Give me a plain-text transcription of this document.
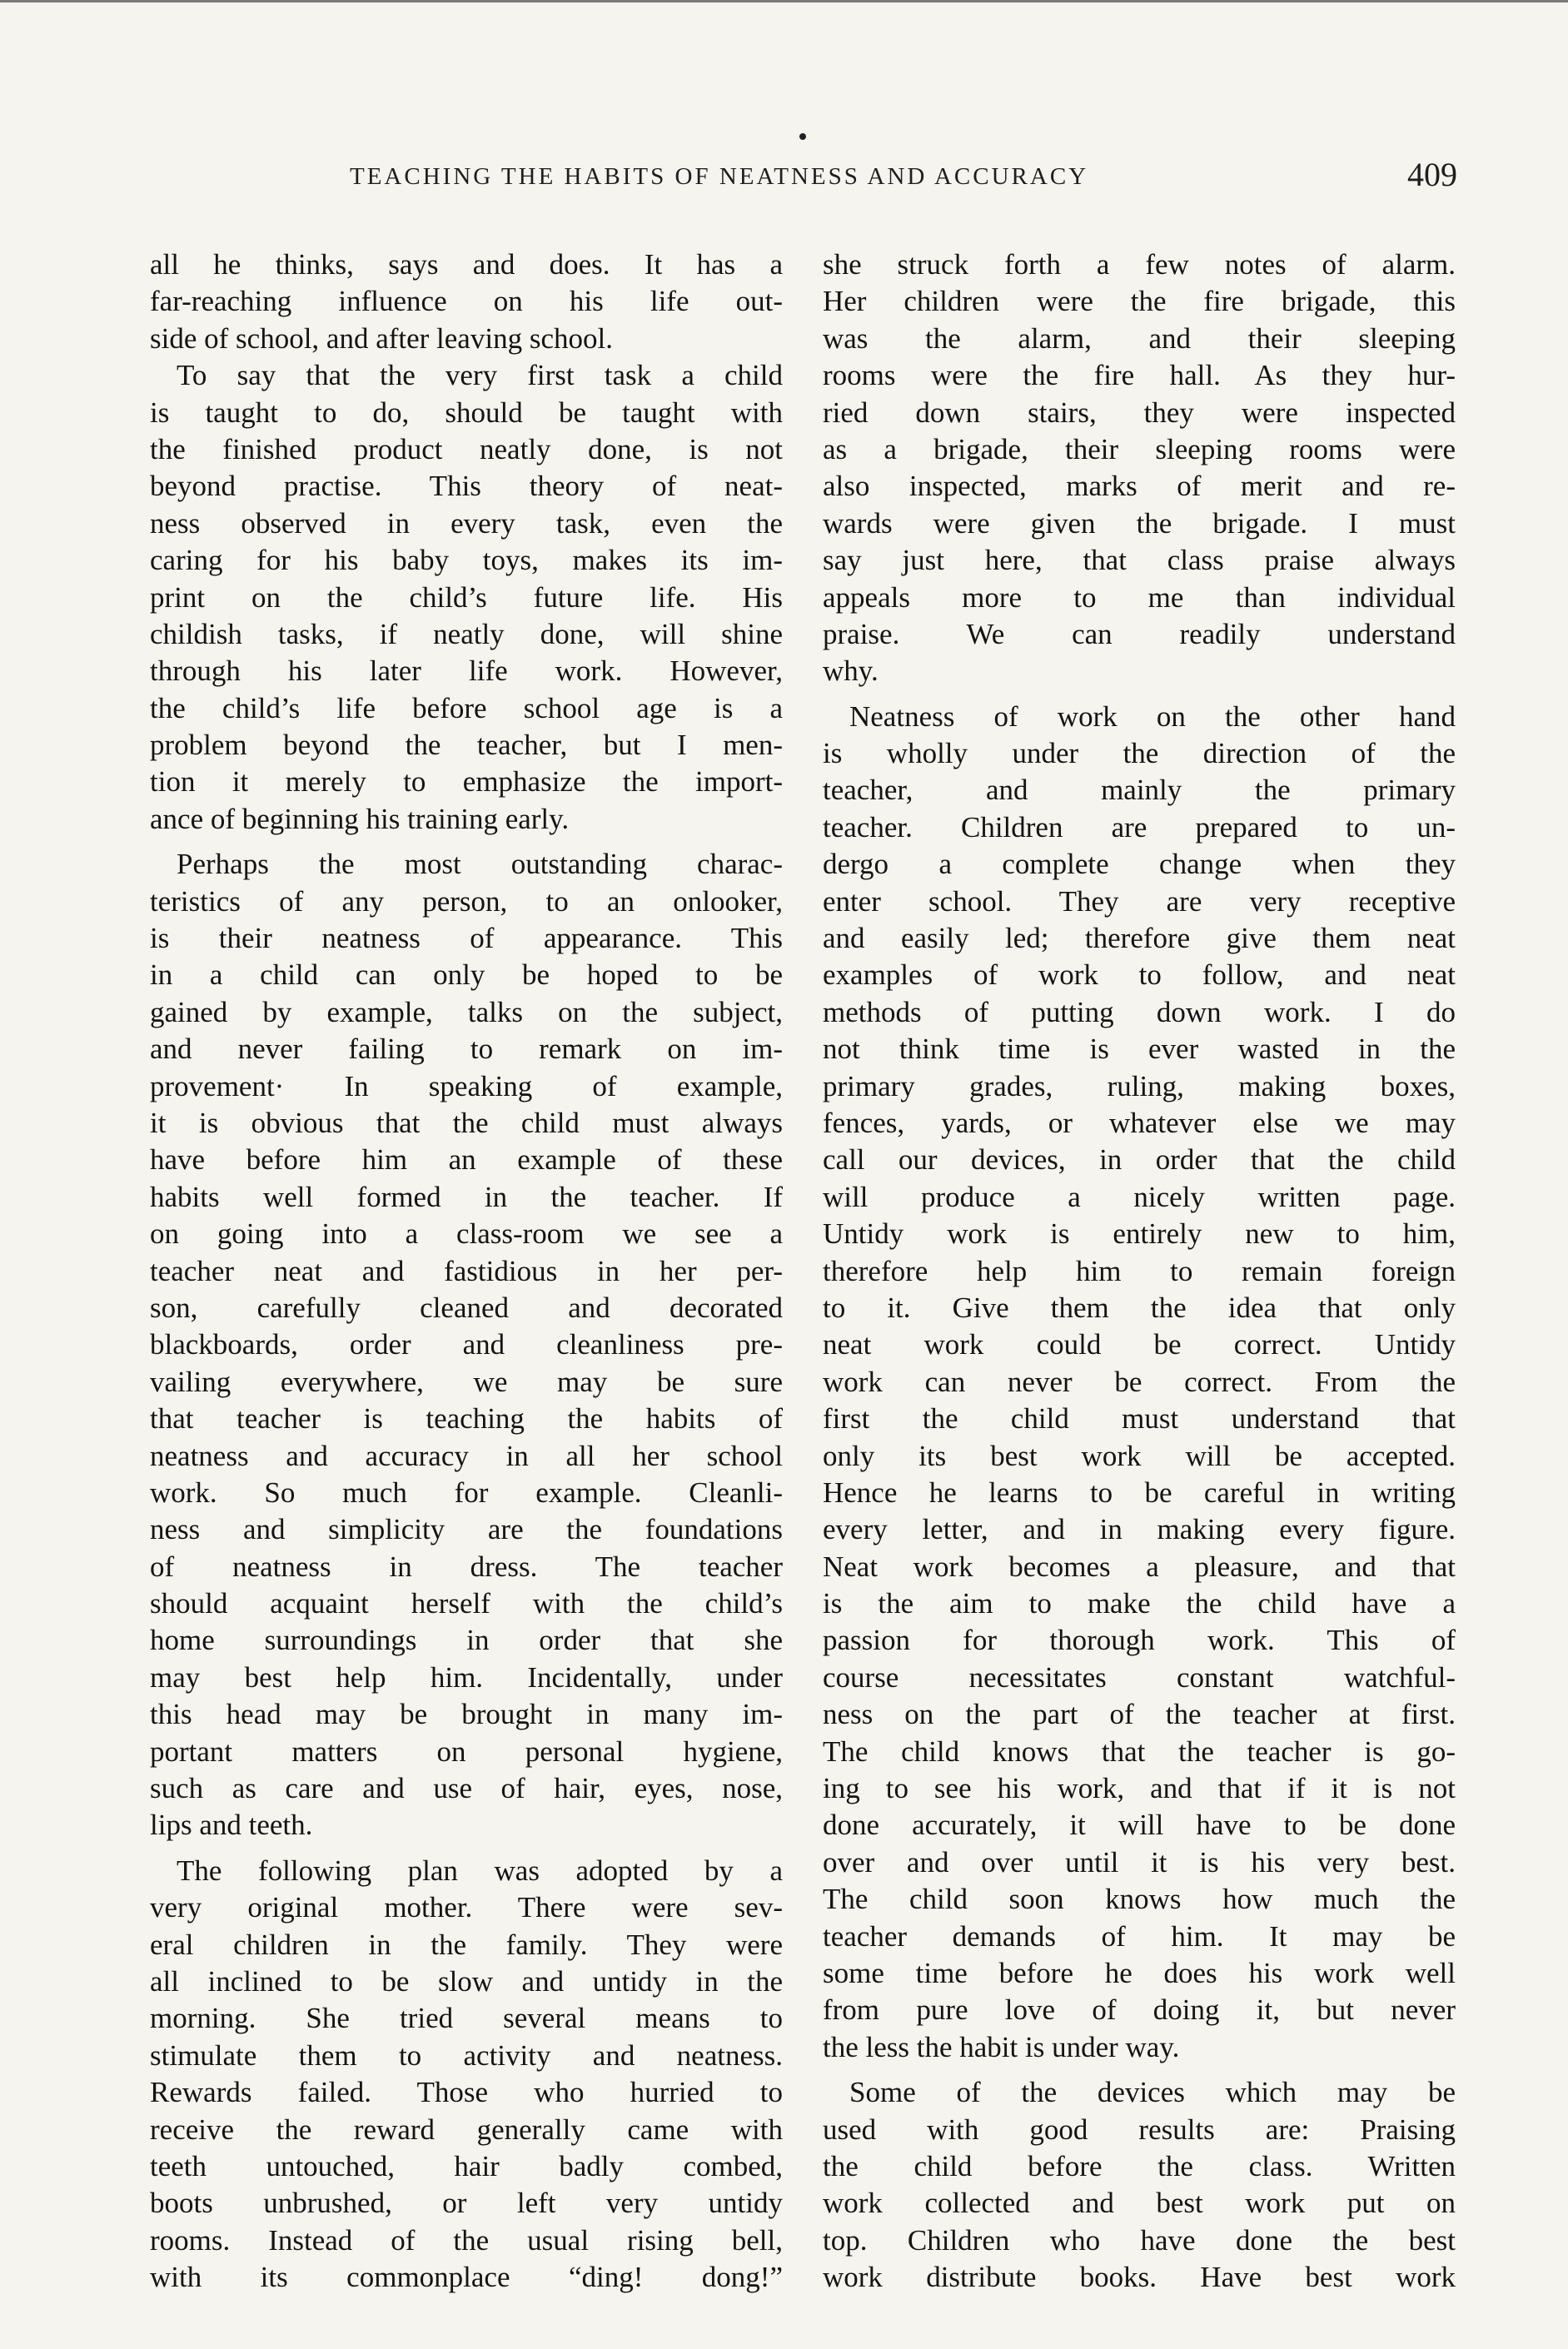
TEACHING THE HABITS OF NEATNESS AND ACCURACY	409
all he thinks, says and does. It has a
far-reaching influence on his life out-
side of school, and after leaving school.
To say that the very first task a child
is taught to do, should be taught with
the finished product neatly done, is not
beyond practise. This theory of neat-
ness observed in every task, even the
caring for his baby toys, makes its im-
print on the child’s future life. His
childish tasks, if neatly done, will shine
through his later life work. However,
the child’s life before school age is a
problem beyond the teacher, but I men-
tion it merely to emphasize the import-
ance of beginning his training early.
Perhaps the most outstanding charac-
teristics of any person, to an onlooker,
is their neatness of appearance. This
in a child can only be hoped to be
gained by example, talks on the subject,
and never failing to remark on im-
provement· In speaking of example,
it is obvious that the child must always
have before him an example of these
habits well formed in the teacher. If
on going into a class-room we see a
teacher neat and fastidious in her per-
son, carefully cleaned and decorated
blackboards, order and cleanliness pre-
vailing everywhere, we may be sure
that teacher is teaching the habits of
neatness and accuracy in all her school
work. So much for example. Cleanli-
ness and simplicity are the foundations
of neatness in dress. The teacher
should acquaint herself with the child’s
home surroundings in order that she
may best help him. Incidentally, under
this head may be brought in many im-
portant matters on personal hygiene,
such as care and use of hair, eyes, nose,
lips and teeth.
The following plan was adopted by a
very original mother. There were sev-
eral children in the family. They were
all inclined to be slow and untidy in the
morning. She tried several means to
stimulate them to activity and neatness.
Rewards failed. Those who hurried to
receive the reward generally came with
teeth untouched, hair badly combed,
boots unbrushed, or left very untidy
rooms. Instead of the usual rising bell,
with its commonplace “ding! dong!”
she struck forth a few notes of alarm.
Her children were the fire brigade, this
was the alarm, and their sleeping
rooms were the fire hall. As they hur-
ried down stairs, they were inspected
as a brigade, their sleeping rooms were
also inspected, marks of merit and re-
wards were given the brigade. I must
say just here, that class praise always
appeals more to me than individual
praise. We can readily understand
why.
Neatness of work on the other hand
is wholly under the direction of the
teacher, and mainly the primary
teacher. Children are prepared to un-
dergo a complete change when they
enter school. They are very receptive
and easily led; therefore give them neat
examples of work to follow, and neat
methods of putting down work. I do
not think time is ever wasted in the
primary grades, ruling, making boxes,
fences, yards, or whatever else we may
call our devices, in order that the child
will produce a nicely written page.
Untidy work is entirely new to him,
therefore help him to remain foreign
to it. Give them the idea that only
neat work could be correct. Untidy
work can never be correct. From the
first the child must understand that
only its best work will be accepted.
Hence he learns to be careful in writing
every letter, and in making every figure.
Neat work becomes a pleasure, and that
is the aim to make the child have a
passion for thorough work. This of
course necessitates constant watchful-
ness on the part of the teacher at first.
The child knows that the teacher is go-
ing to see his work, and that if it is not
done accurately, it will have to be done
over and over until it is his very best.
The child soon knows how much the
teacher demands of him. It may be
some time before he does his work well
from pure love of doing it, but never
the less the habit is under way.
Some of the devices which may be
used with good results are: Praising
the child before the class. Written
work collected and best work put on
top. Children who have done the best
work distribute books. Have best work
